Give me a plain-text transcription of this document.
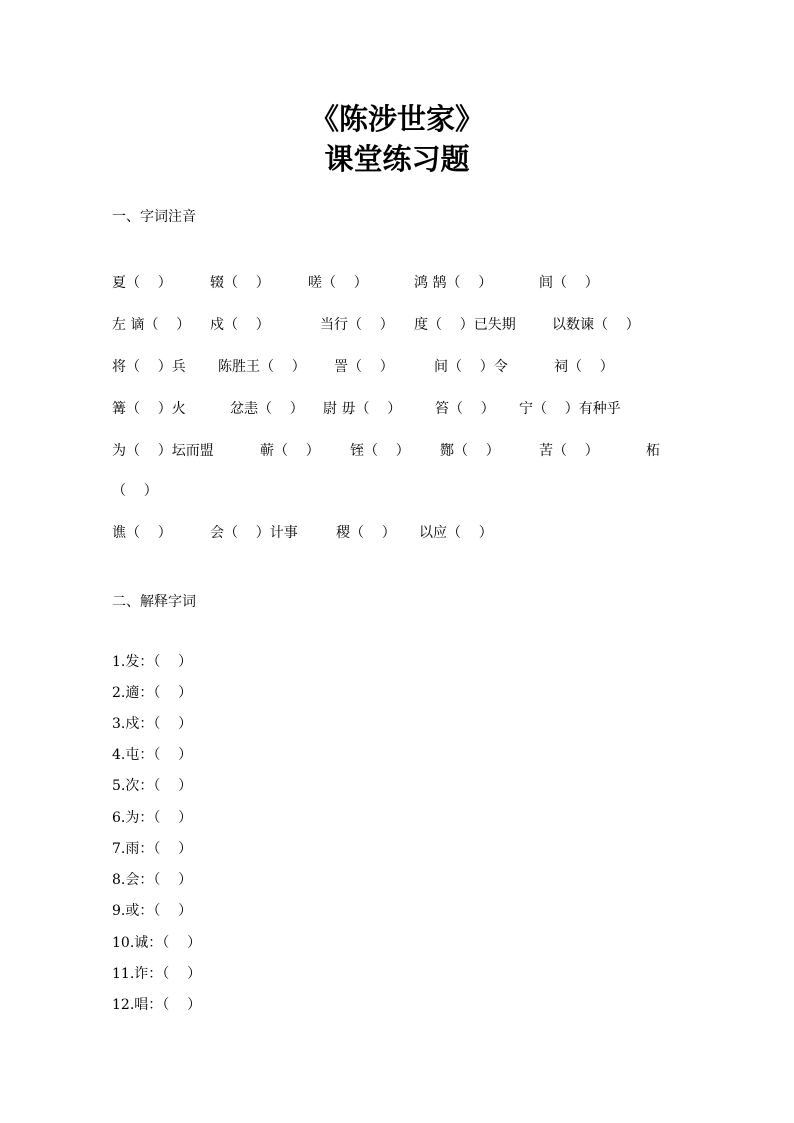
《陈涉世家》
课堂练习题
一、字词注音
夏（    ）	辍（    ）	嗟（    ）	鸿 鹄（    ）	闾（    ）
左 谪（    ） 戍（    ）	当行（    ） 度（    ）已失期	以数谏（    ）
将（    ）兵 陈胜王（    ） 詈（    ）	间（    ）令	祠（    ）
篝（    ）火	忿恚（    ） 尉 毋（    ） 笞（    ） 宁（    ）有种乎
为（    ）坛而盟	蕲（    ） 铚（    ） 酂（    ）	苦（    ）	柘
（    ）
谯（    ）	会（    ）计事	稷（    ） 以应（    ）
二、解释字词
1.发：（    ）
2.適：（    ）
3.戍：（    ）
4.屯：（    ）
5.次：（    ）
6.为：（    ）
7.雨：（    ）
8.会：（    ）
9.或：（    ）
10.诚：（    ）
11.诈：（    ）
12.唱：（    ）
